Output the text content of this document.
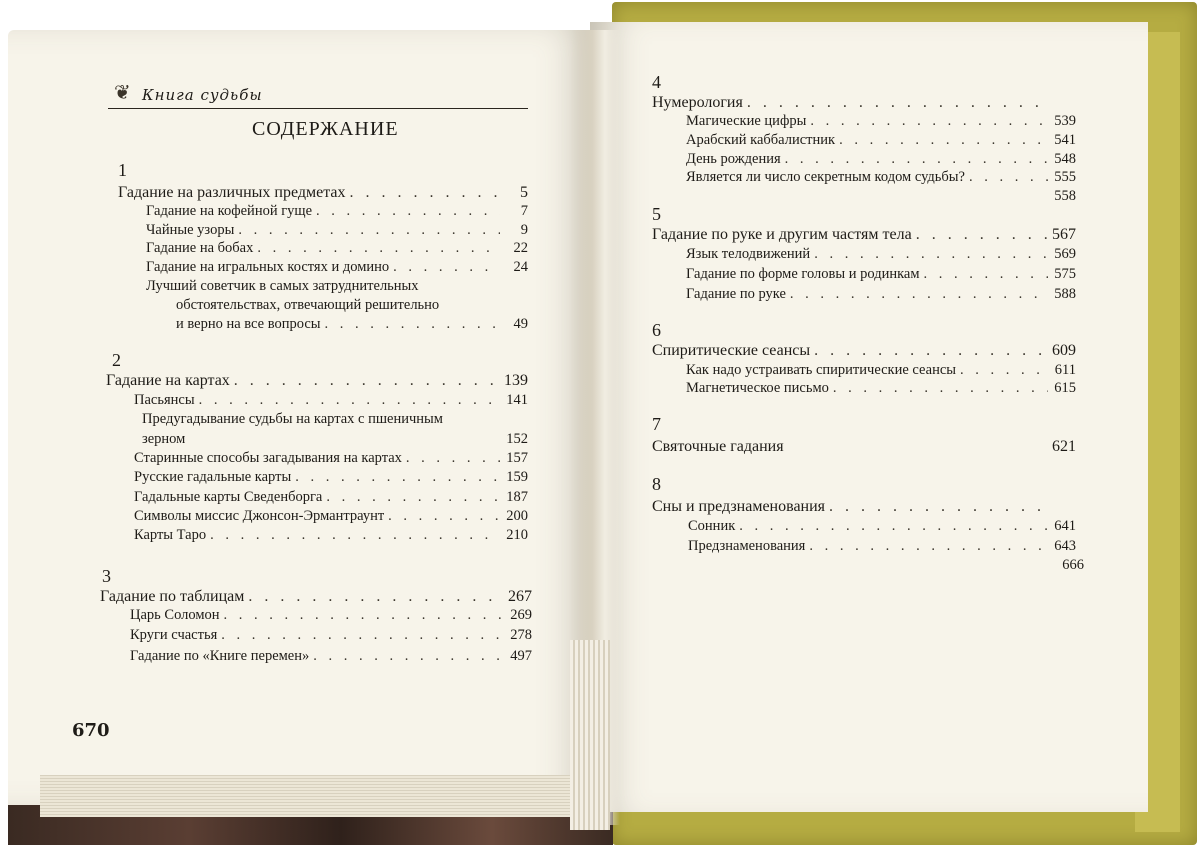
❦ Книга судьбы
СОДЕРЖАНИЕ
1
Гадание на различных предметах . . .	5
Гадание на кофейной гуще . . .	7
Чайные узоры . . .	9
Гадание на бобах . . .	22
Гадание на игральных костях и домино . . .	24
Лучший советчик в самых затруднительных
обстоятельствах, отвечающий решительно
и верно на все вопросы . . .	49
2
Гадание на картах . . .	139
Пасьянсы . . .	141
Предугадывание судьбы на картах с пшеничным
зерном	152
Старинные способы загадывания на картах . . .	157
Русские гадальные карты . . .	159
Гадальные карты Сведенборга . . .	187
Символы миссис Джонсон-Эрмантраунт . . .	200
Карты Таро . . .	210
3
Гадание по таблицам . . .	267
Царь Соломон . . .	269
Круги счастья . . .	278
Гадание по «Книге перемен» . . .	497
670
4
Нумерология
. . .
Магические цифры . . .	539
Арабский каббалистник . . .	541
День рождения . . .	548
Является ли число секретным кодом судьбы? . . .	555
558
5
Гадание по руке и другим частям тела . . .	567
Язык телодвижений . . .	569
Гадание по форме головы и родинкам . . .	575
Гадание по руке . . .	588
6
Спиритические сеансы . . .	609
Как надо устраивать спиритические сеансы . . .	611
Магнетическое письмо . . .	615
7
Святочные гадания	621
8
Сны и предзнаменования
. . .
Сонник . . .	641
Предзнаменования . . .	643
666
